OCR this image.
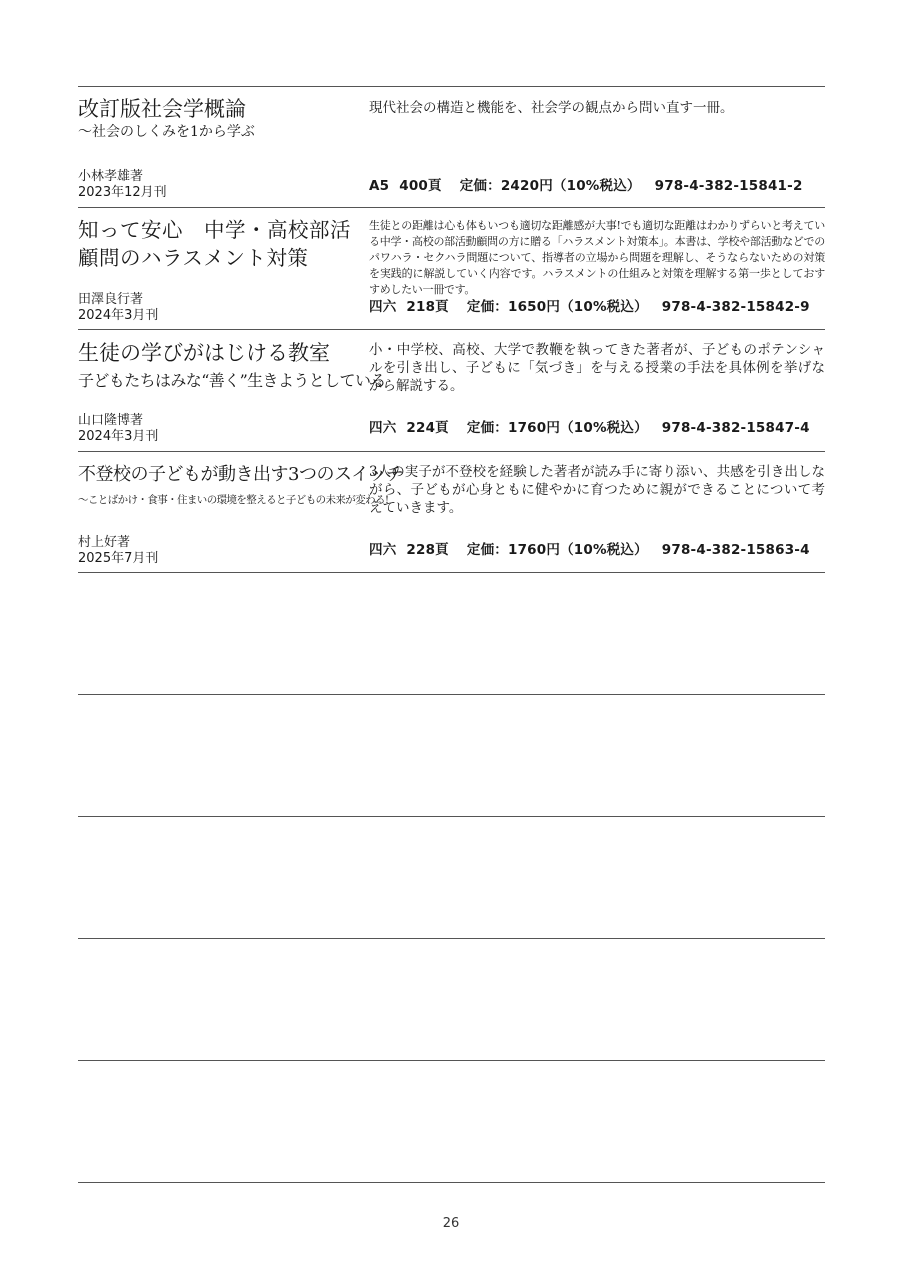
改訂版社会学概論
～社会のしくみを1から学ぶ
現代社会の構造と機能を、社会学の観点から問い直す一冊。
小林孝雄著
2023年12月刊	A5 400頁 定価：2420円（10%税込） 978-4-382-15841-2
知って安心　中学・高校部活顧問のハラスメント対策
生徒との距離は心も体もいつも適切な距離感が大事!でも適切な距離はわかりずらいと考えている中学・高校の部活動顧問の方に贈る「ハラスメント対策本」。本書は、学校や部活動などでのパワハラ・セクハラ問題について、指導者の立場から問題を理解し、そうならないための対策を実践的に解説していく内容です。ハラスメントの仕組みと対策を理解する第一歩としておすすめしたい一冊です。
田澤良行著
2024年3月刊
四六 218頁 定価：1650円（10%税込） 978-4-382-15842-9
生徒の学びがはじける教室
子どもたちはみな“善く”生きようとしている
小・中学校、高校、大学で教鞭を執ってきた著者が、子どものポテンシャルを引き出し、子どもに「気づき」を与える授業の手法を具体例を挙げながら解説する。
山口隆博著
2024年3月刊
四六 224頁 定価：1760円（10%税込） 978-4-382-15847-4
不登校の子どもが動き出す3つのスイッチ
～ことばかけ・食事・住まいの環境を整えると子どもの未来が変わる!
3人の実子が不登校を経験した著者が読み手に寄り添い、共感を引き出しながら、子どもが心身ともに健やかに育つために親ができることについて考えていきます。
村上好著
2025年7月刊
四六 228頁 定価：1760円（10%税込） 978-4-382-15863-4
26
